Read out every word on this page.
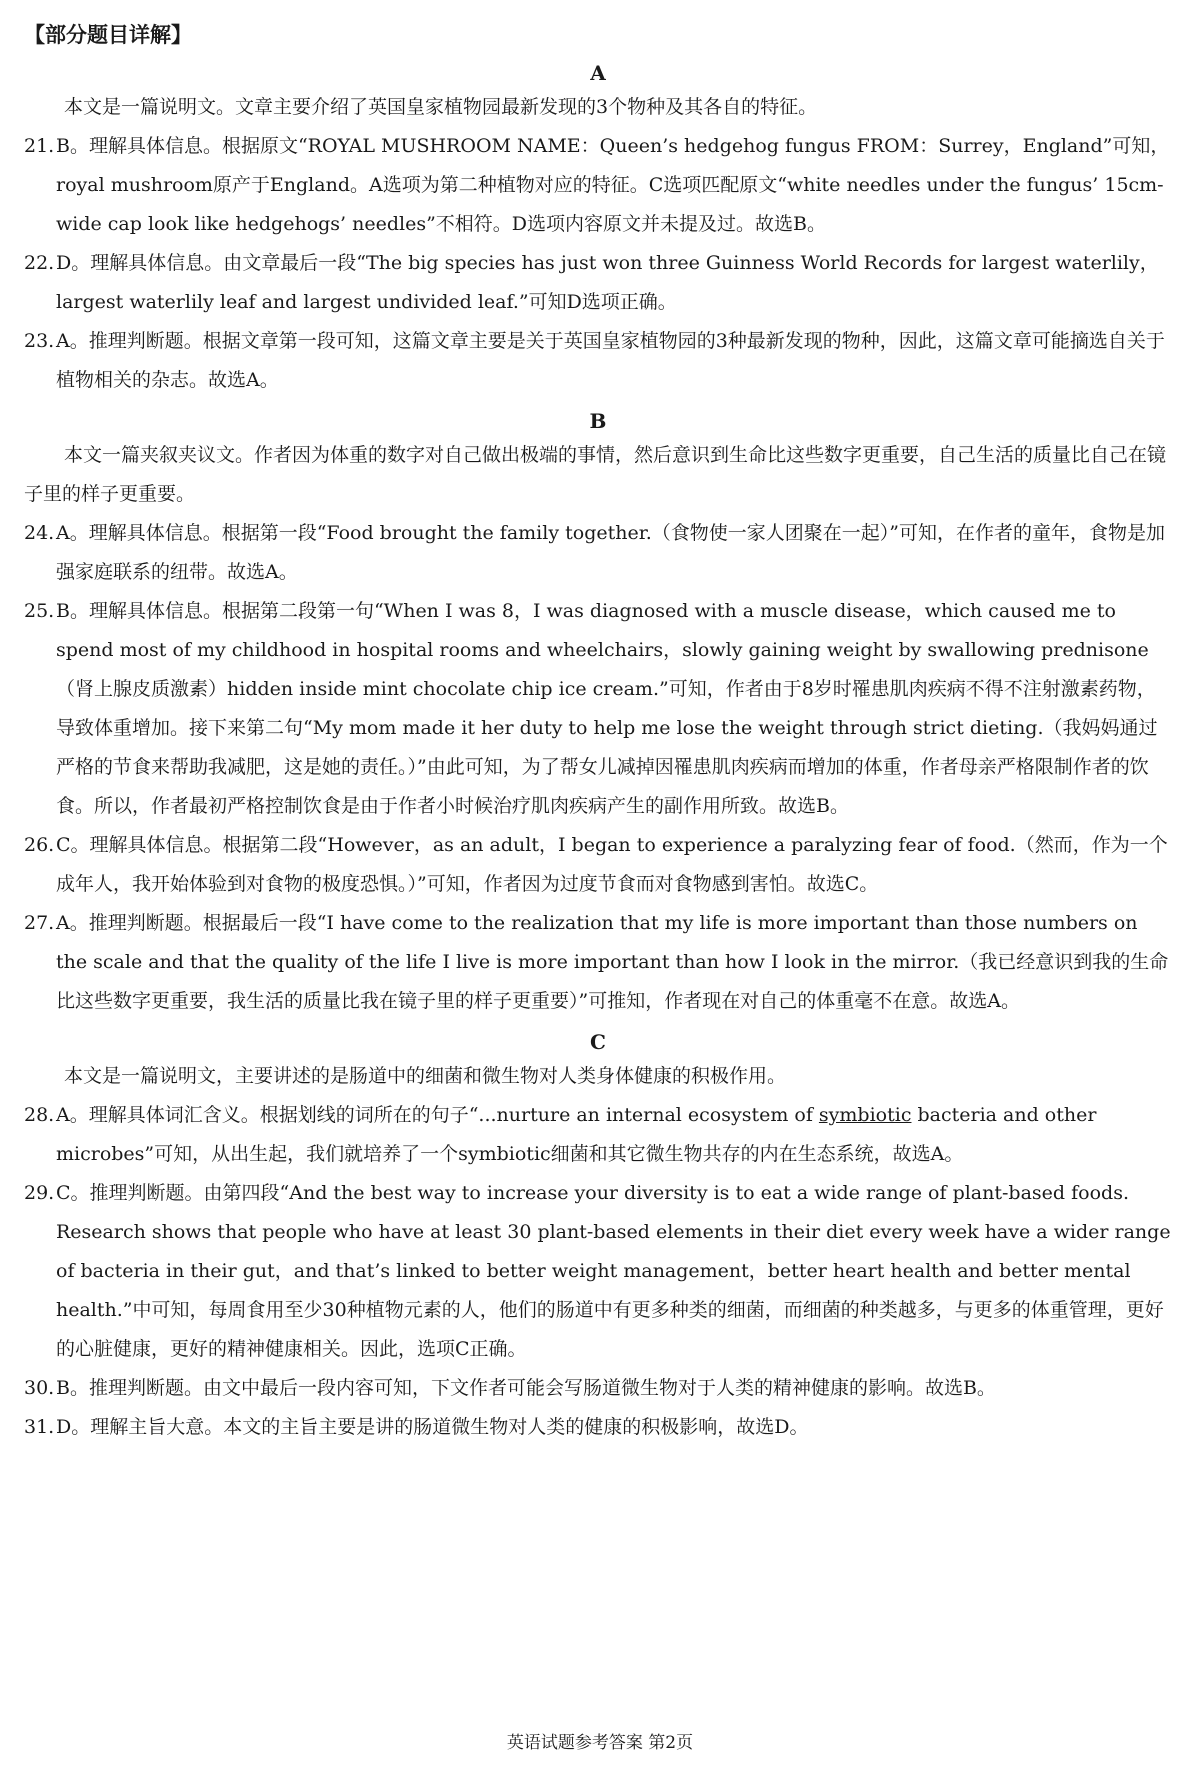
【部分题目详解】
A

本文是一篇说明文。文章主要介绍了英国皇家植物园最新发现的3个物种及其各自的特征。

21.B。理解具体信息。根据原文“ROYAL MUSHROOM NAME：Queen’s hedgehog fungus FROM：Surrey，England”可知，royal mushroom原产于England。A选项为第二种植物对应的特征。C选项匹配原文“white needles under the fungus’ 15cm-wide cap look like hedgehogs’ needles”不相符。D选项内容原文并未提及过。故选B。

22.D。理解具体信息。由文章最后一段“The big species has just won three Guinness World Records for largest waterlily，largest waterlily leaf and largest undivided leaf.”可知D选项正确。

23.A。推理判断题。根据文章第一段可知，这篇文章主要是关于英国皇家植物园的3种最新发现的物种，因此，这篇文章可能摘选自关于植物相关的杂志。故选A。

B

本文一篇夹叙夹议文。作者因为体重的数字对自己做出极端的事情，然后意识到生命比这些数字更重要，自己生活的质量比自己在镜子里的样子更重要。

24.A。理解具体信息。根据第一段“Food brought the family together.（食物使一家人团聚在一起）”可知，在作者的童年，食物是加强家庭联系的纽带。故选A。

25.B。理解具体信息。根据第二段第一句“When I was 8，I was diagnosed with a muscle disease，which caused me to spend most of my childhood in hospital rooms and wheelchairs，slowly gaining weight by swallowing prednisone（肾上腺皮质激素）hidden inside mint chocolate chip ice cream.”可知，作者由于8岁时罹患肌肉疾病不得不注射激素药物，导致体重增加。接下来第二句“My mom made it her duty to help me lose the weight through strict dieting.（我妈妈通过严格的节食来帮助我减肥，这是她的责任。）”由此可知，为了帮女儿减掉因罹患肌肉疾病而增加的体重，作者母亲严格限制作者的饮食。所以，作者最初严格控制饮食是由于作者小时候治疗肌肉疾病产生的副作用所致。故选B。

26.C。理解具体信息。根据第二段“However，as an adult，I began to experience a paralyzing fear of food.（然而，作为一个成年人，我开始体验到对食物的极度恐惧。）”可知，作者因为过度节食而对食物感到害怕。故选C。

27.A。推理判断题。根据最后一段“I have come to the realization that my life is more important than those numbers on the scale and that the quality of the life I live is more important than how I look in the mirror.（我已经意识到我的生命比这些数字更重要，我生活的质量比我在镜子里的样子更重要）”可推知，作者现在对自己的体重毫不在意。故选A。

C

本文是一篇说明文，主要讲述的是肠道中的细菌和微生物对人类身体健康的积极作用。

28.A。理解具体词汇含义。根据划线的词所在的句子“...nurture an internal ecosystem of symbiotic bacteria and other microbes”可知，从出生起，我们就培养了一个symbiotic细菌和其它微生物共存的内在生态系统，故选A。

29.C。推理判断题。由第四段“And the best way to increase your diversity is to eat a wide range of plant-based foods. Research shows that people who have at least 30 plant-based elements in their diet every week have a wider range of bacteria in their gut，and that’s linked to better weight management，better heart health and better mental health.”中可知，每周食用至少30种植物元素的人，他们的肠道中有更多种类的细菌，而细菌的种类越多，与更多的体重管理，更好的心脏健康，更好的精神健康相关。因此，选项C正确。

30.B。推理判断题。由文中最后一段内容可知，下文作者可能会写肠道微生物对于人类的精神健康的影响。故选B。

31.D。理解主旨大意。本文的主旨主要是讲的肠道微生物对人类的健康的积极影响，故选D。

英语试题参考答案 第2页
